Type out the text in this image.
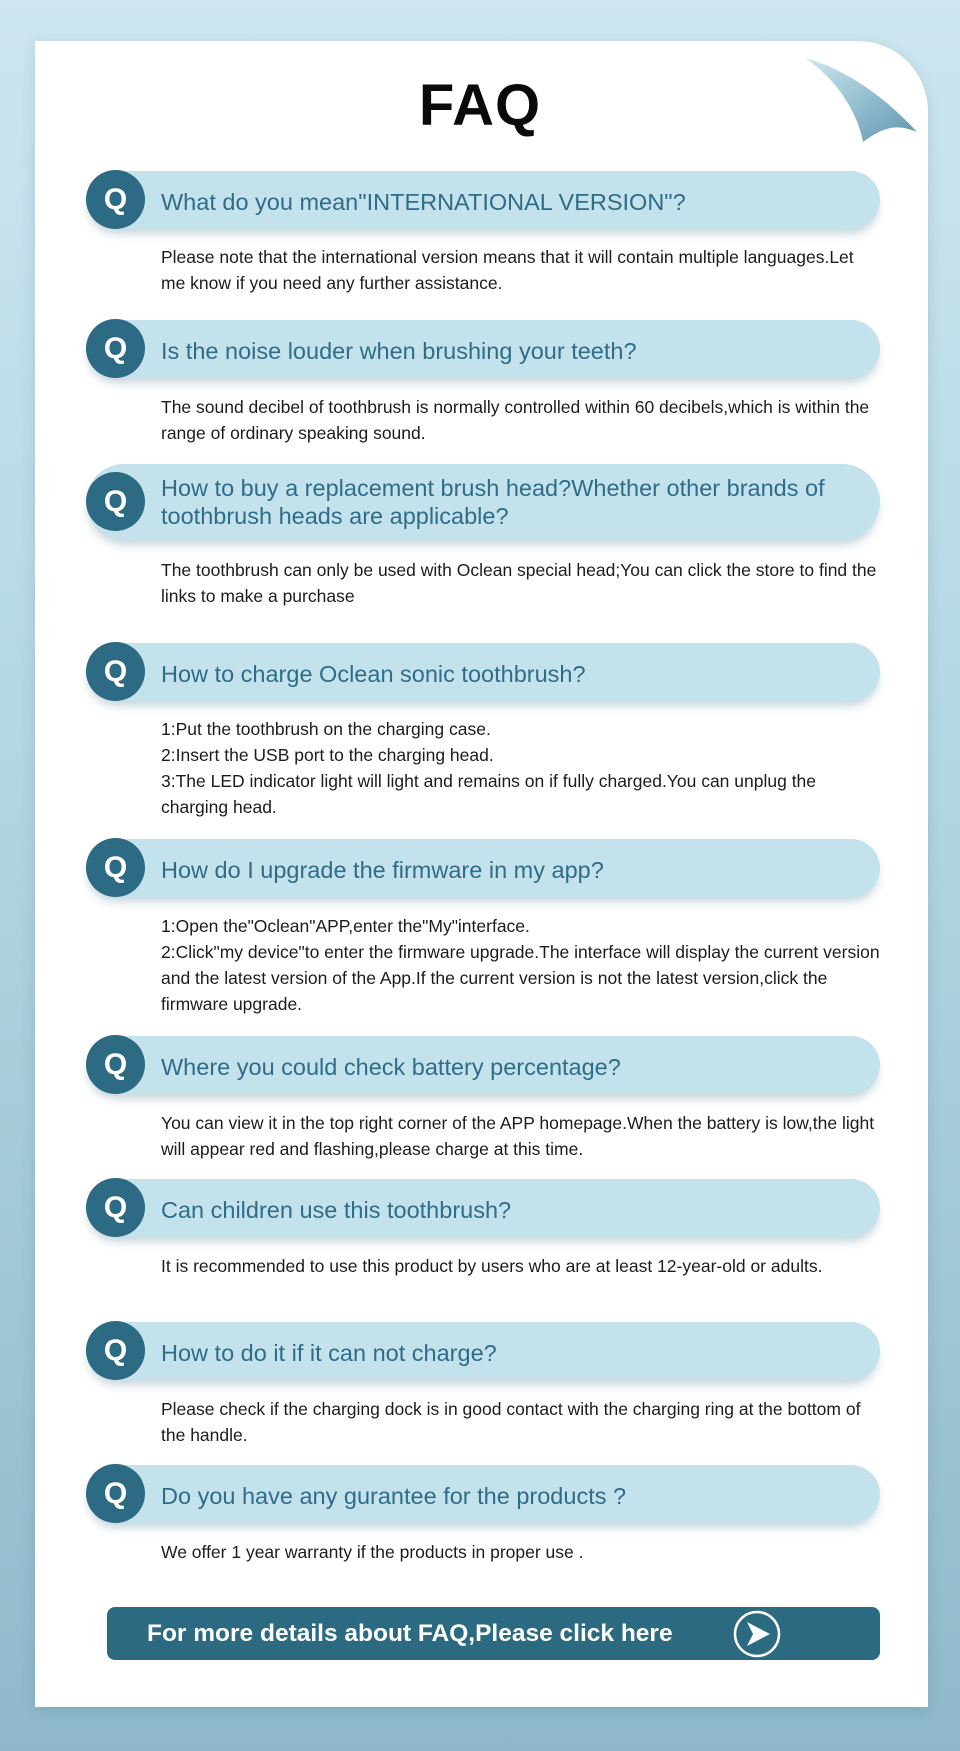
FAQ
Q	What do you mean"INTERNATIONAL VERSION"?

Please note that the international version means that it will contain multiple languages.Let me know if you need any further assistance.

Q	Is the noise louder when brushing your teeth?

The sound decibel of toothbrush is normally controlled within 60 decibels,which is within the range of ordinary speaking sound.

Q	How to buy a replacement brush head?Whether other brands of toothbrush heads are applicable?

The toothbrush can only be used with Oclean special head;You can click the store to find the links to make a purchase

Q	How to charge Oclean sonic toothbrush?

1:Put the toothbrush on the charging case.

2:Insert the USB port to the charging head.

3:The LED indicator light will light and remains on if fully charged.You can unplug the charging head.

Q	How do I upgrade the firmware in my app?

1:Open the"Oclean"APP,enter the"My"interface.

2:Click"my device"to enter the firmware upgrade.The interface will display the current version and the latest version of the App.If the current version is not the latest version,click the firmware upgrade.

Q	Where you could check battery percentage?

You can view it in the top right corner of the APP homepage.When the battery is low,the light will appear red and flashing,please charge at this time.

Q	Can children use this toothbrush?

It is recommended to use this product by users who are at least 12-year-old or adults.

Q	How to do it if it can not charge?

Please check if the charging dock is in good contact with the charging ring at the bottom of the handle.

Q	Do you have any gurantee for the products ?

We offer 1 year warranty if the products in proper use .

For more details about FAQ,Please click here
